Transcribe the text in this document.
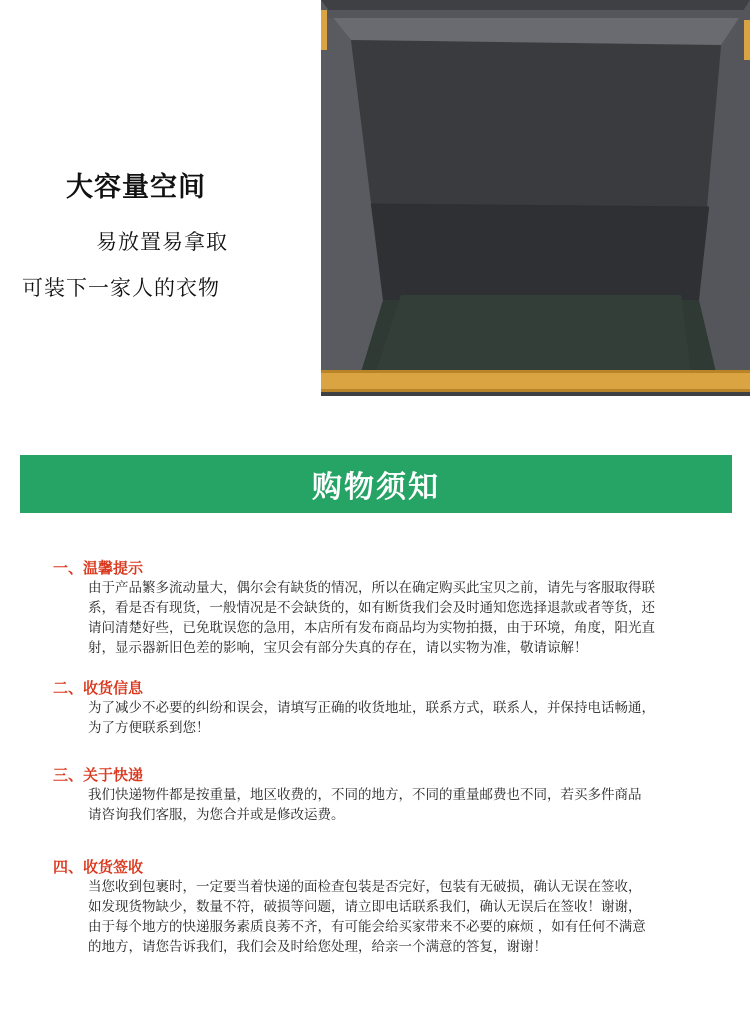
大容量空间
易放置易拿取
可装下一家人的衣物
购物须知
一、温馨提示
由于产品繁多流动量大，偶尔会有缺货的情况，所以在确定购买此宝贝之前，请先与客服取得联
系，看是否有现货，一般情况是不会缺货的，如有断货我们会及时通知您选择退款或者等货，还
请问清楚好些，已免耽误您的急用，本店所有发布商品均为实物拍摄，由于环境，角度，阳光直
射，显示器新旧色差的影响，宝贝会有部分失真的存在，请以实物为准，敬请谅解！
二、收货信息
为了减少不必要的纠纷和误会，请填写正确的收货地址，联系方式，联系人，并保持电话畅通，
为了方便联系到您！
三、关于快递
我们快递物件都是按重量，地区收费的，不同的地方，不同的重量邮费也不同，若买多件商品
请咨询我们客服，为您合并或是修改运费。
四、收货签收
当您收到包裹时，一定要当着快递的面检查包装是否完好，包装有无破损，确认无误在签收，
如发现货物缺少，数量不符，破损等问题，请立即电话联系我们，确认无误后在签收！谢谢，
由于每个地方的快递服务素质良莠不齐，有可能会给买家带来不必要的麻烦 ，如有任何不满意
的地方，请您告诉我们，我们会及时给您处理，给亲一个满意的答复，谢谢！
